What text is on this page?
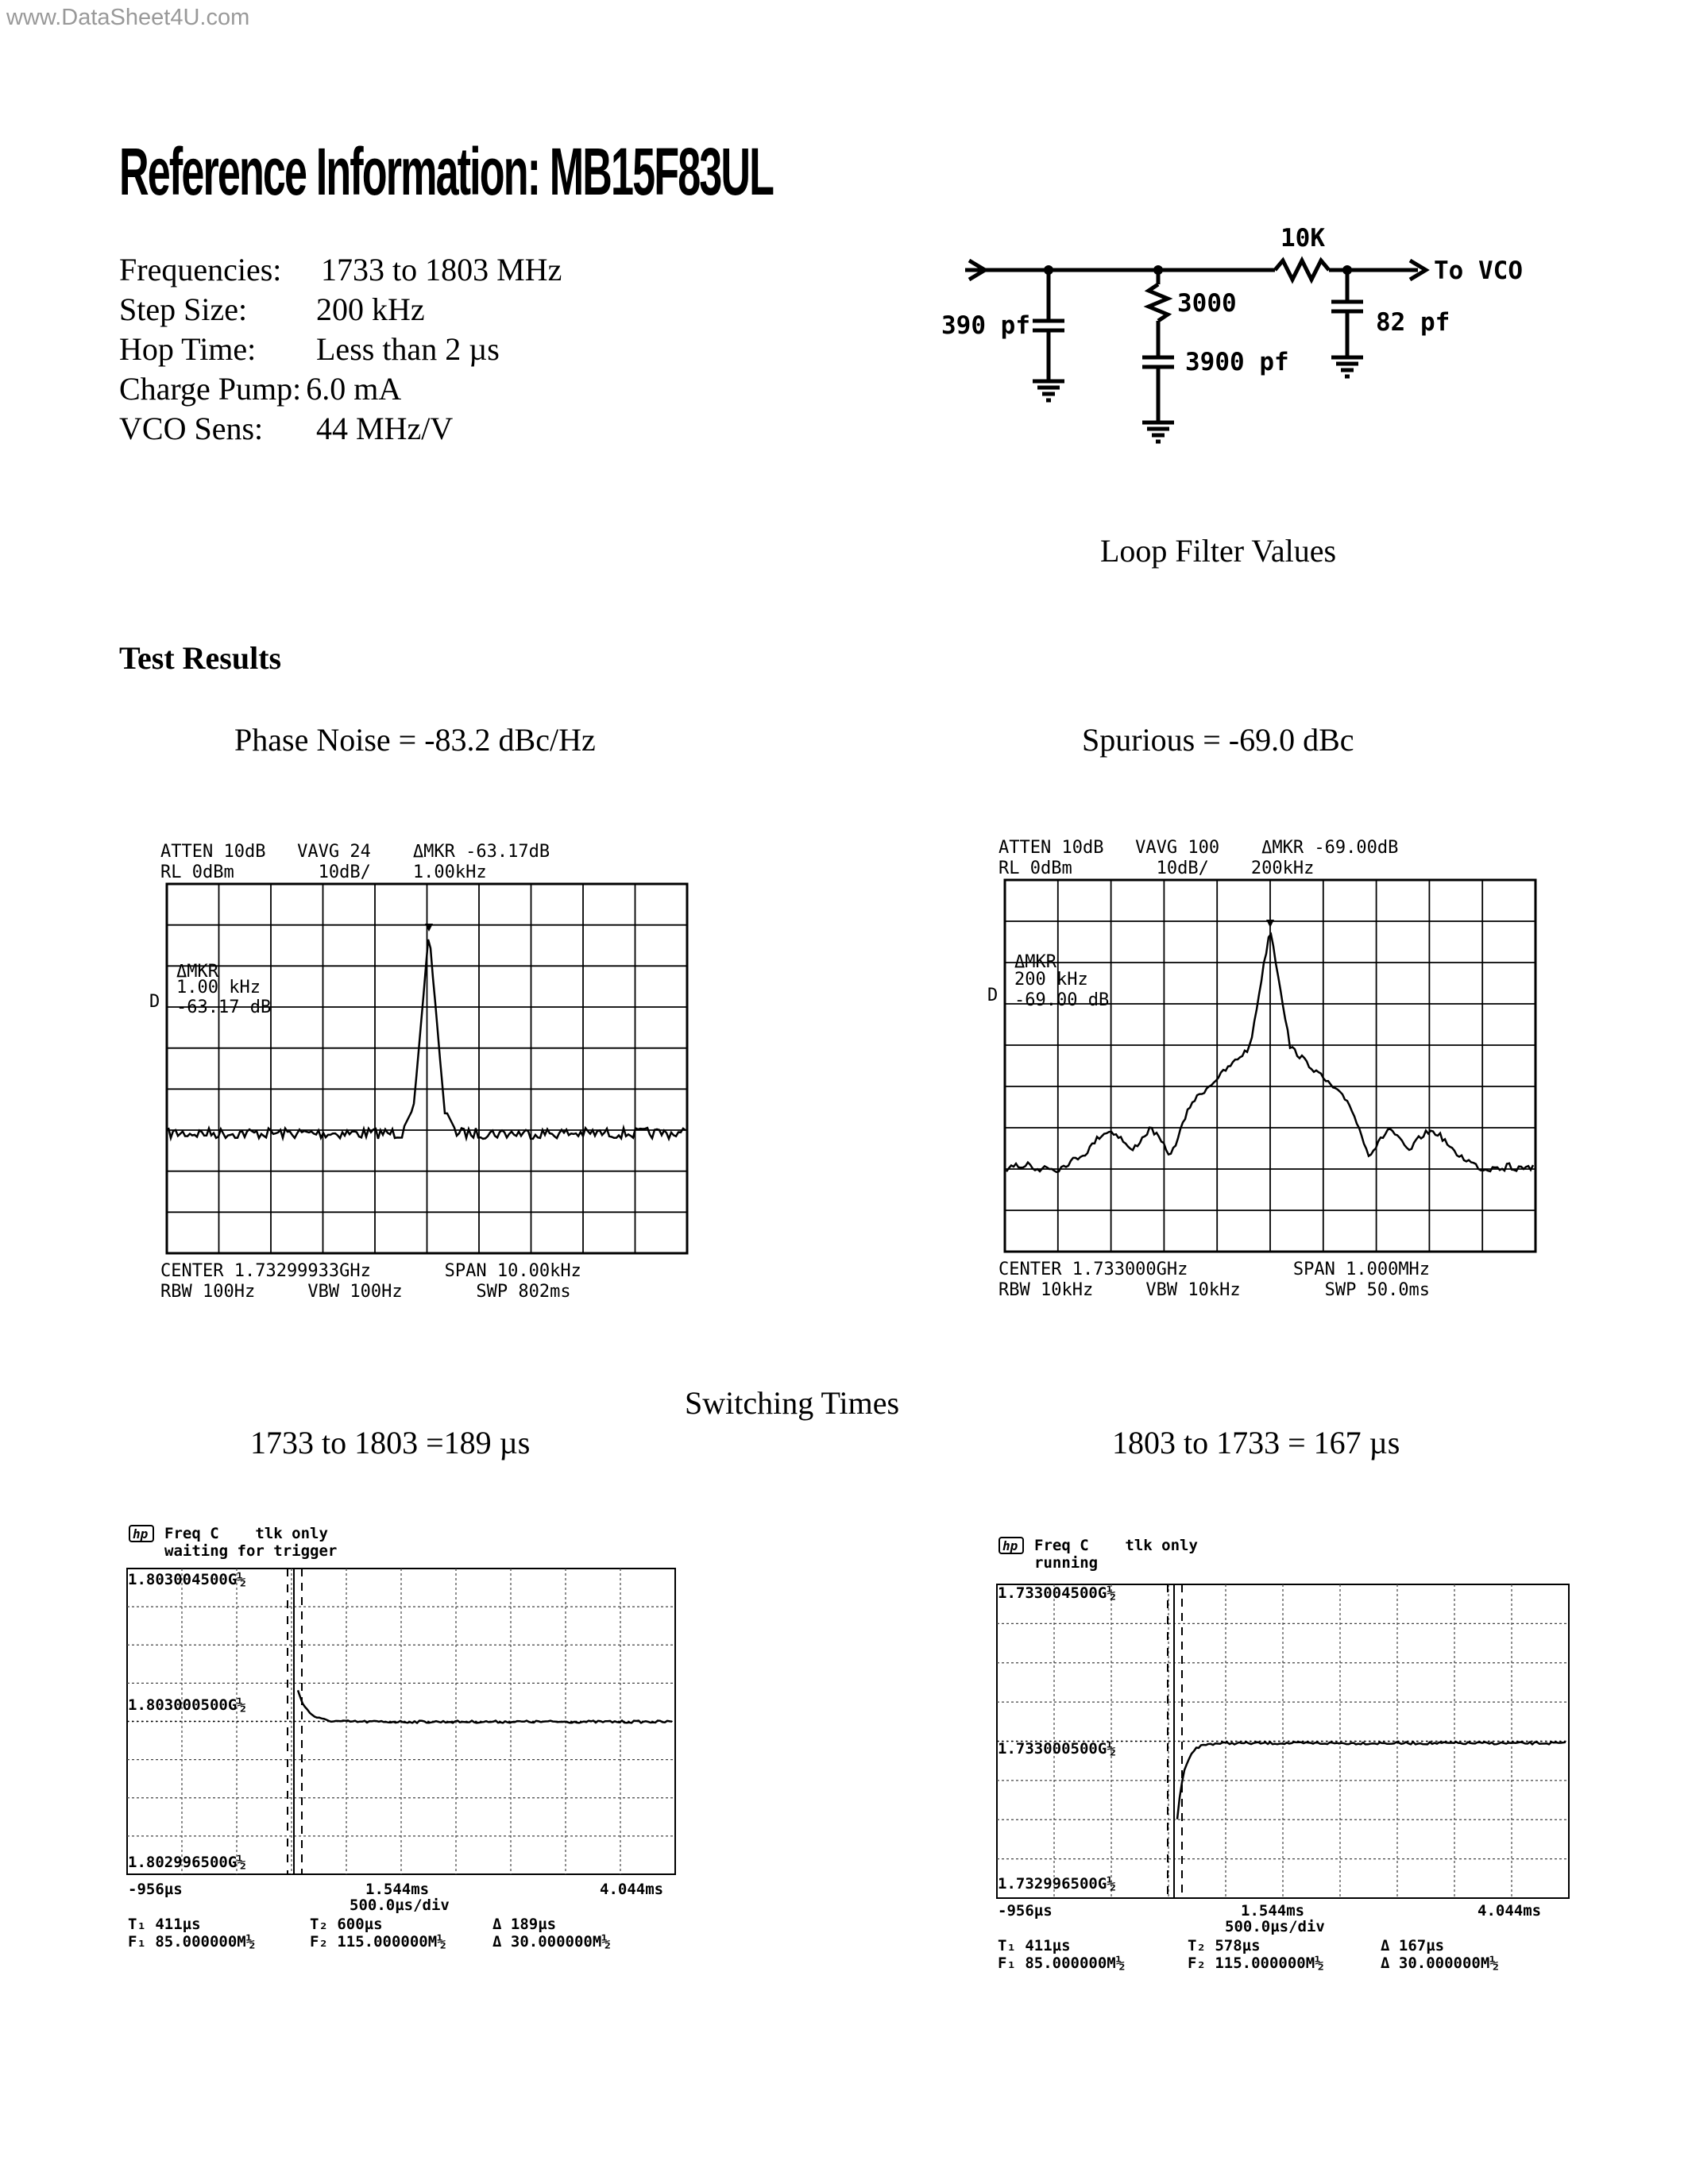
www.DataSheet4U.com
Reference Information: MB15F83UL
Frequencies:	1733 to 1803 MHz
Step Size:	200 kHz
Hop Time:	Less than 2 µs
Charge Pump: 6.0 mA
VCO Sens:	44 MHz/V
390 pf
3000
3900 pf
10K
82 pf
To VCO
Loop Filter Values
Test Results
Phase Noise = -83.2 dBc/Hz	Spurious = -69.0 dBc
ATTEN 10dB   VAVG 24    ΔMKR -63.17dB
RL 0dBm        10dB/    1.00kHz
ΔMKR
1.00 kHz
-63.17 dB
D
CENTER 1.73299933GHz       SPAN 10.00kHz
RBW 100Hz     VBW 100Hz       SWP 802ms
ATTEN 10dB   VAVG 100    ΔMKR -69.00dB
RL 0dBm        10dB/    200kHz
ΔMKR
200 kHz
-69.00 dB
D
CENTER 1.733000GHz          SPAN 1.000MHz
RBW 10kHz     VBW 10kHz        SWP 50.0ms
Switching Times
1733 to 1803 =189 µs	1803 to 1733 = 167 µs
hp Freq C    tlk only
waiting for trigger
1.803004500G½
1.803000500G½
1.802996500G½
-956µs	1.544ms	4.044ms
500.0µs/div
T₁ 411µs	T₂ 600µs	Δ 189µs
F₁ 85.000000M½	F₂ 115.000000M½	Δ 30.000000M½
hp Freq C    tlk only
running
1.733004500G½
1.733000500G½
1.732996500G½
-956µs	1.544ms	4.044ms
500.0µs/div
T₁ 411µs	T₂ 578µs	Δ 167µs
F₁ 85.000000M½	F₂ 115.000000M½	Δ 30.000000M½
